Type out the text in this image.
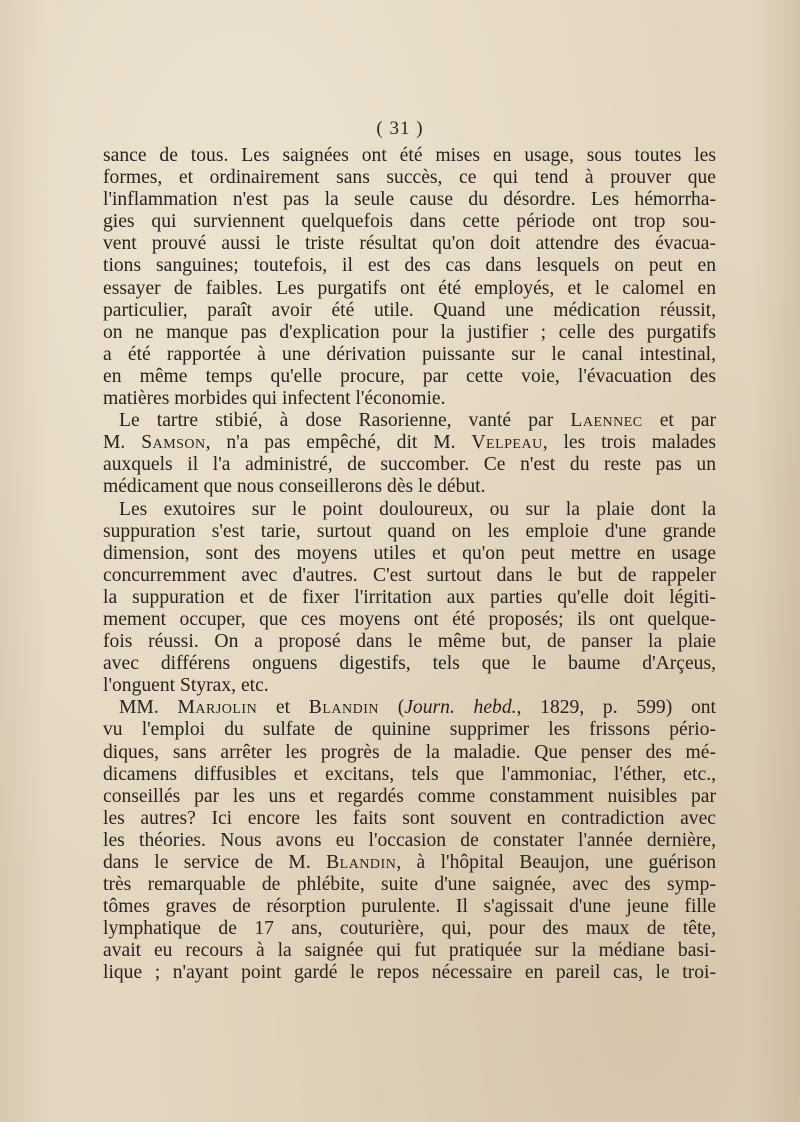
( 31 )
sance de tous. Les saignées ont été mises en usage, sous toutes les
formes, et ordinairement sans succès, ce qui tend à prouver que
l'inflammation n'est pas la seule cause du désordre. Les hémorrha-
gies qui surviennent quelquefois dans cette période ont trop sou-
vent prouvé aussi le triste résultat qu'on doit attendre des évacua-
tions sanguines; toutefois, il est des cas dans lesquels on peut en
essayer de faibles. Les purgatifs ont été employés, et le calomel en
particulier, paraît avoir été utile. Quand une médication réussit,
on ne manque pas d'explication pour la justifier ; celle des purgatifs
a été rapportée à une dérivation puissante sur le canal intestinal,
en même temps qu'elle procure, par cette voie, l'évacuation des
matières morbides qui infectent l'économie.
Le tartre stibié, à dose Rasorienne, vanté par Laennec et par
M. Samson, n'a pas empêché, dit M. Velpeau, les trois malades
auxquels il l'a administré, de succomber. Ce n'est du reste pas un
médicament que nous conseillerons dès le début.
Les exutoires sur le point douloureux, ou sur la plaie dont la
suppuration s'est tarie, surtout quand on les emploie d'une grande
dimension, sont des moyens utiles et qu'on peut mettre en usage
concurremment avec d'autres. C'est surtout dans le but de rappeler
la suppuration et de fixer l'irritation aux parties qu'elle doit légiti-
mement occuper, que ces moyens ont été proposés; ils ont quelque-
fois réussi. On a proposé dans le même but, de panser la plaie
avec différens onguens digestifs, tels que le baume d'Arçeus,
l'onguent Styrax, etc.
MM. Marjolin et Blandin (Journ. hebd., 1829, p. 599) ont
vu l'emploi du sulfate de quinine supprimer les frissons pério-
diques, sans arrêter les progrès de la maladie. Que penser des mé-
dicamens diffusibles et excitans, tels que l'ammoniac, l'éther, etc.,
conseillés par les uns et regardés comme constamment nuisibles par
les autres? Ici encore les faits sont souvent en contradiction avec
les théories. Nous avons eu l'occasion de constater l'année dernière,
dans le service de M. Blandin, à l'hôpital Beaujon, une guérison
très remarquable de phlébite, suite d'une saignée, avec des symp-
tômes graves de résorption purulente. Il s'agissait d'une jeune fille
lymphatique de 17 ans, couturière, qui, pour des maux de tête,
avait eu recours à la saignée qui fut pratiquée sur la médiane basi-
lique ; n'ayant point gardé le repos nécessaire en pareil cas, le troi-
